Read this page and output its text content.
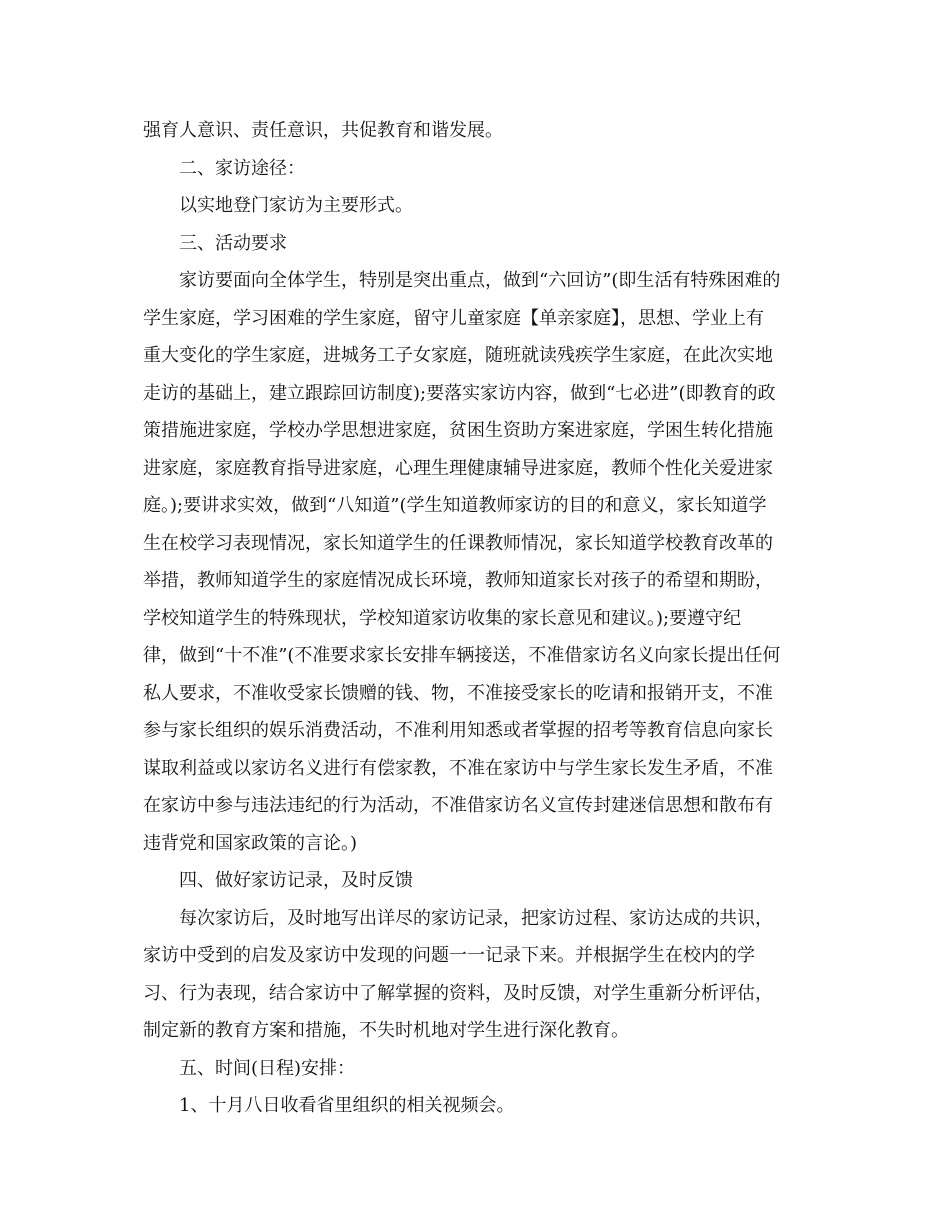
强育人意识、责任意识，共促教育和谐发展。
二、家访途径：
以实地登门家访为主要形式。
三、活动要求
家访要面向全体学生，特别是突出重点，做到“六回访”(即生活有特殊困难的
学生家庭，学习困难的学生家庭，留守儿童家庭【单亲家庭】，思想、学业上有
重大变化的学生家庭，进城务工子女家庭，随班就读残疾学生家庭，在此次实地
走访的基础上，建立跟踪回访制度);要落实家访内容，做到“七必进”(即教育的政
策措施进家庭，学校办学思想进家庭，贫困生资助方案进家庭，学困生转化措施
进家庭，家庭教育指导进家庭，心理生理健康辅导进家庭，教师个性化关爱进家
庭。);要讲求实效，做到“八知道”(学生知道教师家访的目的和意义，家长知道学
生在校学习表现情况，家长知道学生的任课教师情况，家长知道学校教育改革的
举措，教师知道学生的家庭情况成长环境，教师知道家长对孩子的希望和期盼，
学校知道学生的特殊现状，学校知道家访收集的家长意见和建议。);要遵守纪
律，做到“十不准”(不准要求家长安排车辆接送，不准借家访名义向家长提出任何
私人要求，不准收受家长馈赠的钱、物，不准接受家长的吃请和报销开支，不准
参与家长组织的娱乐消费活动，不准利用知悉或者掌握的招考等教育信息向家长
谋取利益或以家访名义进行有偿家教，不准在家访中与学生家长发生矛盾，不准
在家访中参与违法违纪的行为活动，不准借家访名义宣传封建迷信思想和散布有
违背党和国家政策的言论。)
四、做好家访记录，及时反馈
每次家访后，及时地写出详尽的家访记录，把家访过程、家访达成的共识，
家访中受到的启发及家访中发现的问题一一记录下来。并根据学生在校内的学
习、行为表现，结合家访中了解掌握的资料，及时反馈，对学生重新分析评估，
制定新的教育方案和措施，不失时机地对学生进行深化教育。
五、时间(日程)安排：
1、十月八日收看省里组织的相关视频会。
